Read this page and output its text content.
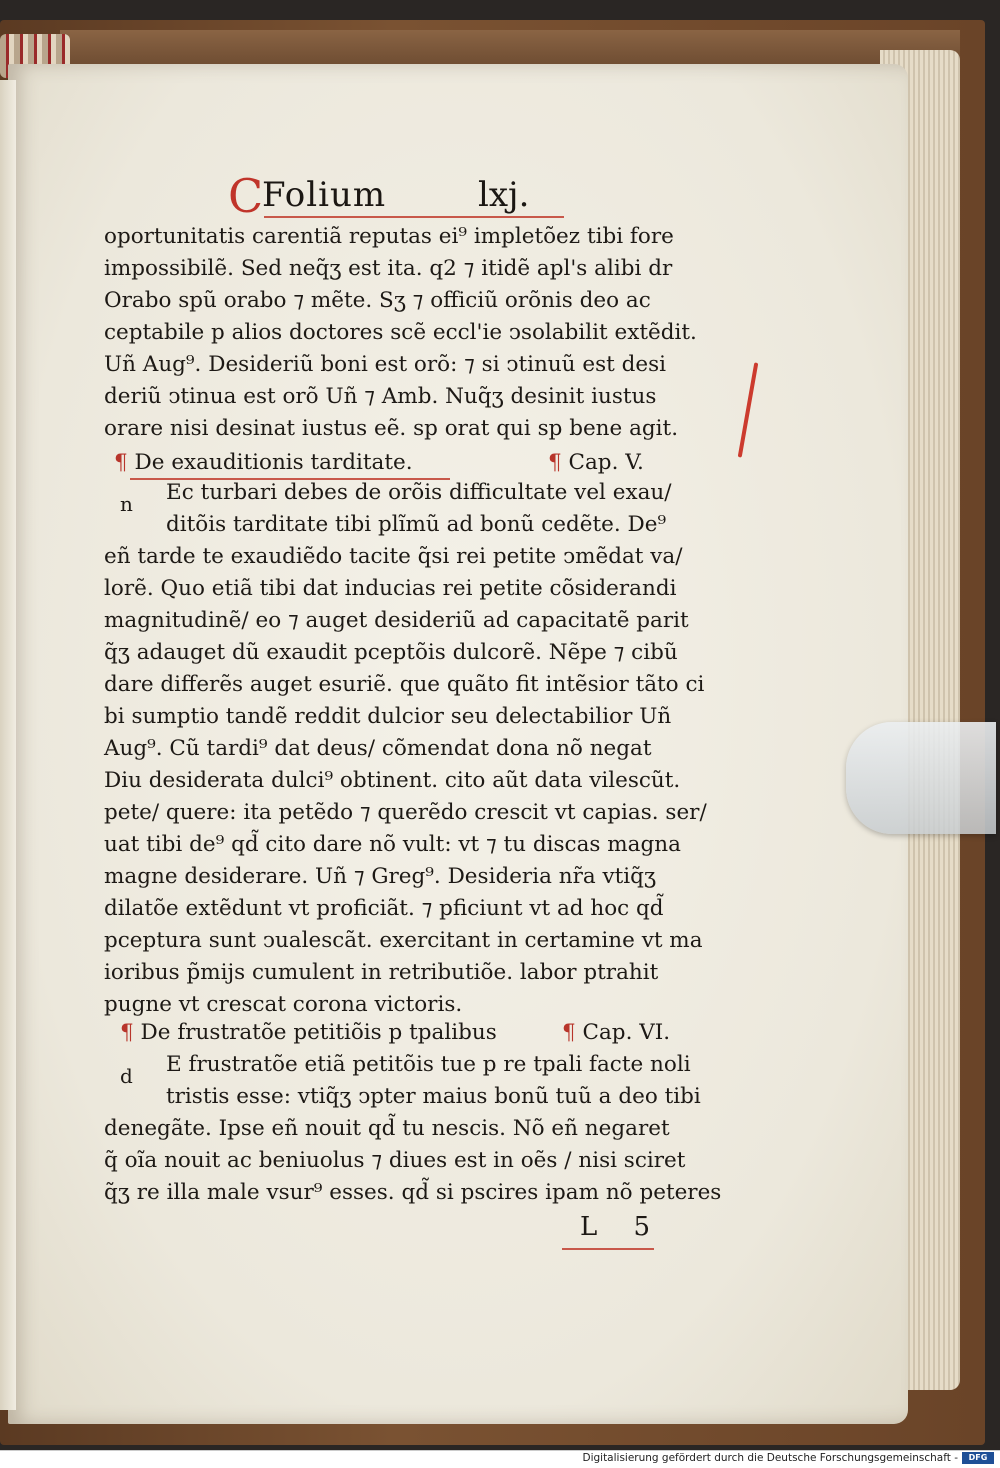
C
Folium	lxj.
oportunitatis carentiã reputas ei⁹ impletõez tibi fore
impossibilẽ. Sed neq̃ʒ est ita. q2 ⁊ itidẽ apl's alibi dr
Orabo spũ orabo ⁊ mẽte. Sʒ ⁊ officiũ orõnis deo ac
ceptabile p alios doctores scẽ eccl'ie ↄsolabilit extẽdit.
Uñ Aug⁹. Desideriũ boni est orõ: ⁊ si ↄtinuũ est desi
deriũ ↄtinua est orõ Uñ ⁊ Amb. Nuq̃ʒ desinit iustus
orare nisi desinat iustus eẽ. sp orat qui sp bene agit.
¶ De exauditionis tarditate.	¶ Cap. V.
n Ec turbari debes de orõis difficultate vel exau/
ditõis tarditate tibi plĩmũ ad bonũ cedẽte. De⁹
eñ tarde te exaudiẽdo tacite q̃si rei petite ↄmẽdat va/
lorẽ. Quo etiã tibi dat inducias rei petite cõsiderandi
magnitudinẽ/ eo ⁊ auget desideriũ ad capacitatẽ parit
q̃ʒ adauget dũ exaudit pceptõis dulcorẽ. Nẽpe ⁊ cibũ
dare differẽs auget esuriẽ. que quãto fit intẽsior tãto ci
bi sumptio tandẽ reddit dulcior seu delectabilior Uñ
Aug⁹. Cũ tardi⁹ dat deus/ cõmendat dona nõ negat
Diu desiderata dulci⁹ obtinent. cito aũt data vilescũt.
pete/ quere: ita petẽdo ⁊ querẽdo crescit vt capias. ser/
uat tibi de⁹ qd̃ cito dare nõ vult: vt ⁊ tu discas magna
magne desiderare. Uñ ⁊ Greg⁹. Desideria nr̃a vtiq̃ʒ
dilatõe extẽdunt vt proficiãt. ⁊ pficiunt vt ad hoc qd̃
pceptura sunt ↄualescãt. exercitant in certamine vt ma
ioribus p̃mijs cumulent in retributiõe. labor ptrahit
pugne vt crescat corona victoris.
¶ De frustratõe petitiõis p tpalibus	¶ Cap. VI.
d E frustratõe etiã petitõis tue p re tpali facte noli
tristis esse: vtiq̃ʒ ↄpter maius bonũ tuũ a deo tibi
denegãte. Ipse eñ nouit qd̃ tu nescis. Nõ eñ negaret
q̃ oĩa nouit ac beniuolus ⁊ diues est in oẽs / nisi sciret
q̃ʒ re illa male vsur⁹ esses. qd̃ si pscires ipam nõ peteres
L 5
Digitalisierung gefördert durch die Deutsche Forschungsgemeinschaft -	DFG
